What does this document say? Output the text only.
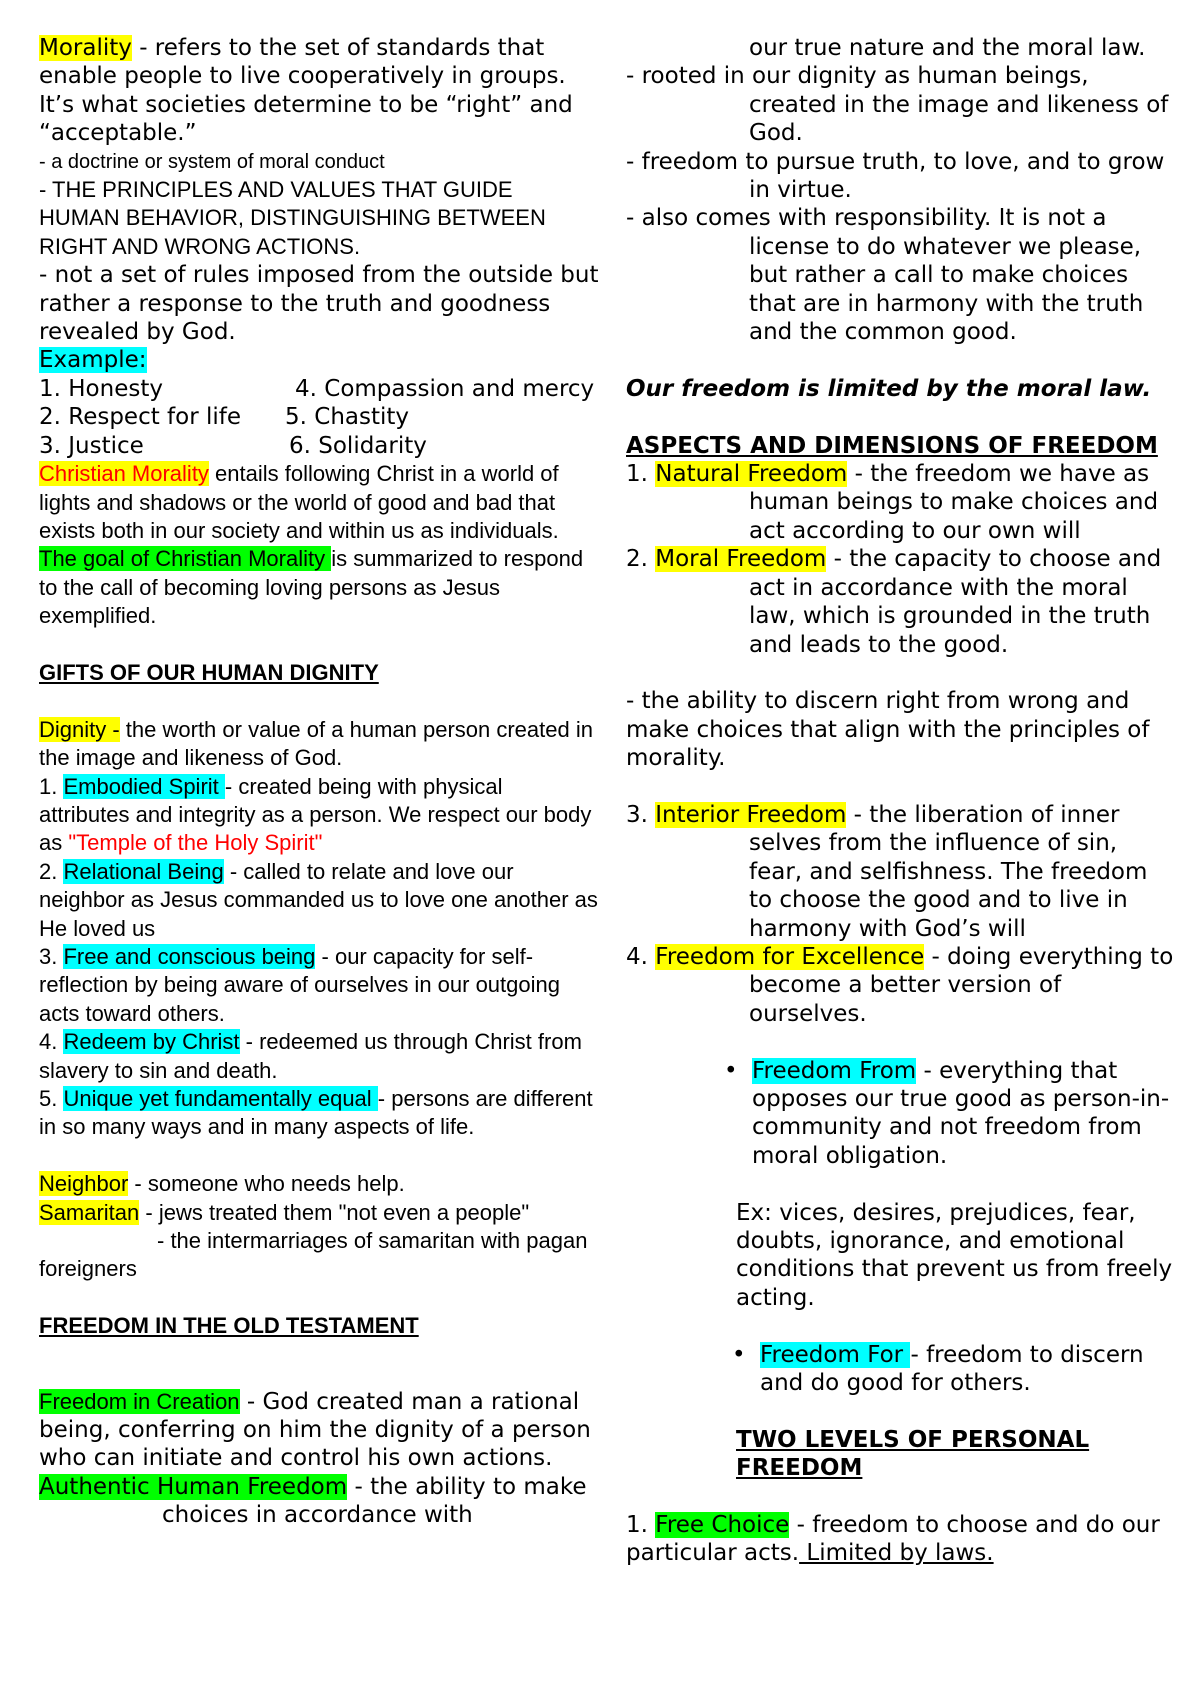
Morality - refers to the set of standards that enable people to live cooperatively in groups. It’s what societies determine to be “right” and “acceptable.”

- a doctrine or system of moral conduct

- THE PRINCIPLES AND VALUES THAT GUIDE HUMAN BEHAVIOR, DISTINGUISHING BETWEEN RIGHT AND WRONG ACTIONS.

- not a set of rules imposed from the outside but rather a response to the truth and goodness revealed by God.

Example:

1. Honesty	4. Compassion and mercy

2. Respect for life	5. Chastity

3. Justice	6. Solidarity

Christian Morality entails following Christ in a world of lights and shadows or the world of good and bad that exists both in our society and within us as individuals.

The goal of Christian Morality is summarized to respond to the call of becoming loving persons as Jesus exemplified.

GIFTS OF OUR HUMAN DIGNITY

Dignity - the worth or value of a human person created in the image and likeness of God.

1. Embodied Spirit - created being with physical attributes and integrity as a person. We respect our body as "Temple of the Holy Spirit"

2. Relational Being - called to relate and love our neighbor as Jesus commanded us to love one another as He loved us

3. Free and conscious being - our capacity for self-reflection by being aware of ourselves in our outgoing acts toward others.

4. Redeem by Christ - redeemed us through Christ from slavery to sin and death.

5. Unique yet fundamentally equal - persons are different in so many ways and in many aspects of life.

Neighbor - someone who needs help.

Samaritan - jews treated them "not even a people"

- the intermarriages of samaritan with pagan foreigners

FREEDOM IN THE OLD TESTAMENT

Freedom in Creation - God created man a rational being, conferring on him the dignity of a person who can initiate and control his own actions.

Authentic Human Freedom - the ability to make choices in accordance with

our true nature and the moral law.

- rooted in our dignity as human beings, created in the image and likeness of God.

- freedom to pursue truth, to love, and to grow in virtue.

- also comes with responsibility. It is not a license to do whatever we please, but rather a call to make choices that are in harmony with the truth and the common good.

Our freedom is limited by the moral law.

ASPECTS AND DIMENSIONS OF FREEDOM

1. Natural Freedom - the freedom we have as human beings to make choices and act according to our own will

2. Moral Freedom - the capacity to choose and act in accordance with the moral law, which is grounded in the truth and leads to the good.

- the ability to discern right from wrong and make choices that align with the principles of morality.

3. Interior Freedom - the liberation of inner selves from the influence of sin, fear, and selfishness. The freedom to choose the good and to live in harmony with God’s will

4. Freedom for Excellence - doing everything to become a better version of ourselves.

• Freedom From - everything that opposes our true good as person-in-community and not freedom from moral obligation.

Ex: vices, desires, prejudices, fear, doubts, ignorance, and emotional conditions that prevent us from freely acting.

• Freedom For - freedom to discern and do good for others.

TWO LEVELS OF PERSONAL FREEDOM

1. Free Choice - freedom to choose and do our particular acts. Limited by laws.
